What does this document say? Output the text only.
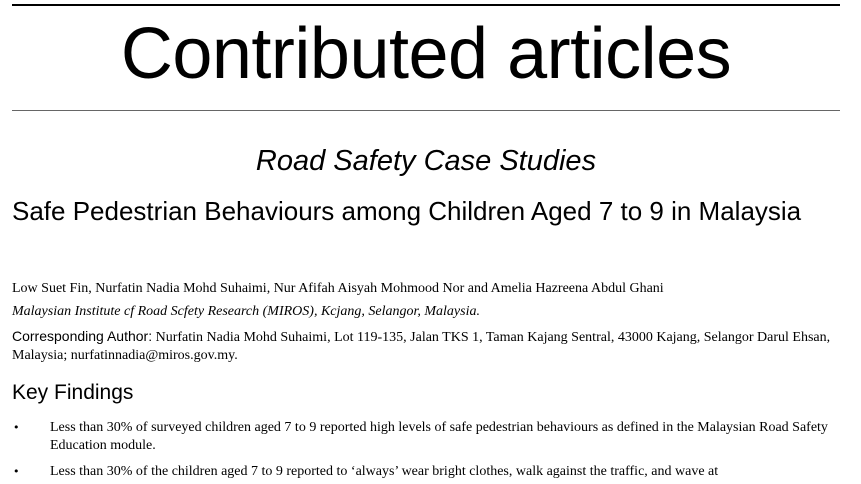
Contributed articles
Road Safety Case Studies
Safe Pedestrian Behaviours among Children Aged 7 to 9 in Malaysia
Low Suet Fin, Nurfatin Nadia Mohd Suhaimi, Nur Afifah Aisyah Mohmood Nor and Amelia Hazreena Abdul Ghani
Malaysian Institute cf Road Scfety Research (MIROS), Kcjang, Selangor, Malaysia.
Corresponding Author: Nurfatin Nadia Mohd Suhaimi, Lot 119-135, Jalan TKS 1, Taman Kajang Sentral, 43000 Kajang, Selangor Darul Ehsan, Malaysia; nurfatinnadia@miros.gov.my.
Key Findings
• Less than 30% of surveyed children aged 7 to 9 reported high levels of safe pedestrian behaviours as defined in the Malaysian Road Safety Education module.
• Less than 30% of the children aged 7 to 9 reported to ‘always’ wear bright clothes, walk against the traffic, and wave at
